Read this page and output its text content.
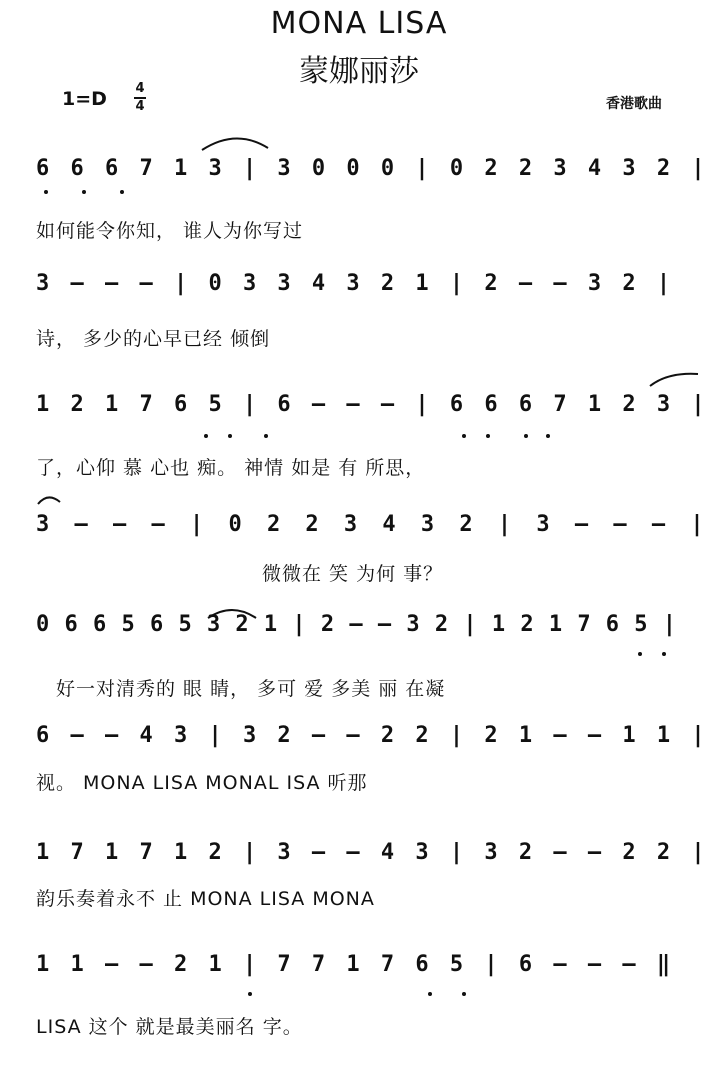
MONA LISA
蒙娜丽莎
1=D 4
4	香港歌曲
6 6 6 7 1 3 | 3 0 0 0 | 0 2 2 3 4 3 2 |
如何能令你知， 谁人为你写过
3 — — — | 0 3 3 4 3 2 1 | 2 — — 3 2 |
诗， 多少的心早已经 倾倒
1 2 1 7 6 5 | 6 — — — | 6 6 6 7 1 2 3 |
了，心仰 慕 心也 痴。 神情 如是 有 所思，
3 — — — | 0 2 2 3 4 3 2 | 3 — — — |
微微在 笑 为何 事？
0 6 6 5 6 5 3 2 1 | 2 — — 3 2 | 1 2 1 7 6 5 |
好一对清秀的 眼 睛， 多可 爱 多美 丽 在凝
6 — — 4 3 | 3 2 — — 2 2 | 2 1 — — 1 1 |
视。 MONA LISA MONAL ISA 听那
1 7 1 7 1 2 | 3 — — 4 3 | 3 2 — — 2 2 |
韵乐奏着永不 止 MONA LISA MONA
1 1 — — 2 1 | 7 7 1 7 6 5 | 6 — — — ‖
LISA 这个 就是最美丽名 字。
